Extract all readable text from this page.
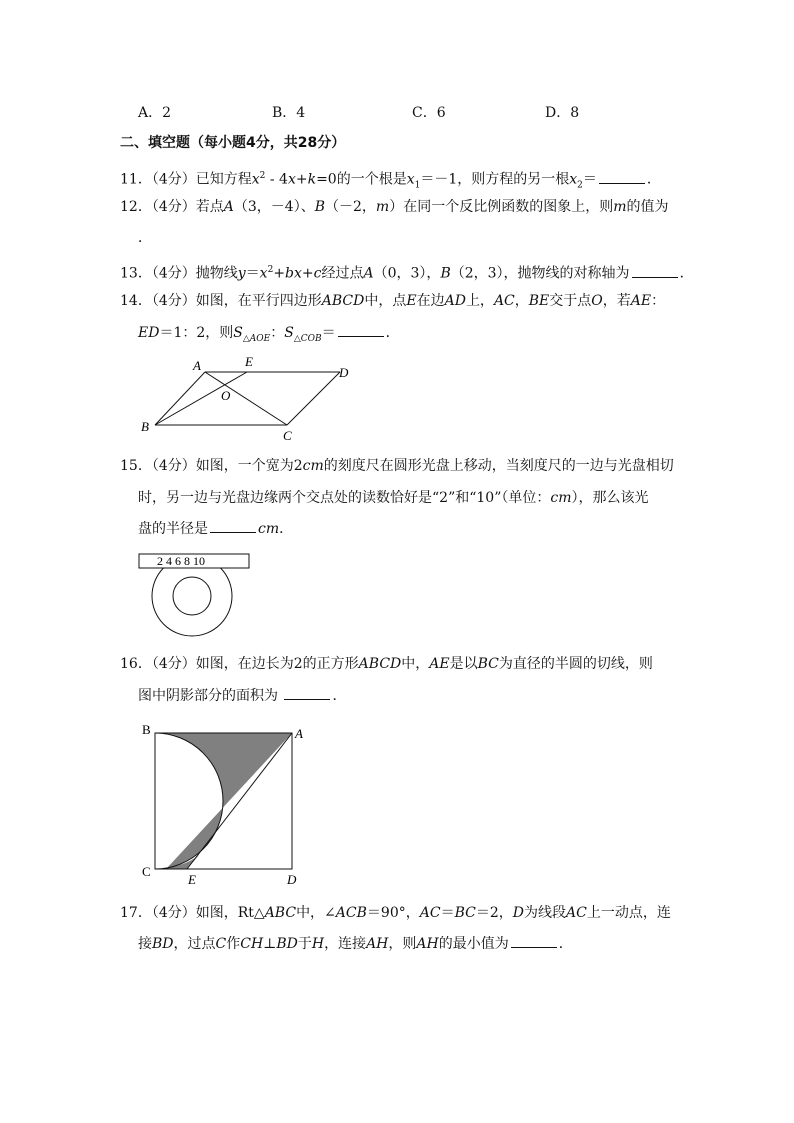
A．2	B．4	C．6	D．8
二、填空题（每小题4分，共28分）
11．（4分）已知方程$x^2 - 4x+k=0$的一个根是$x_1=-1$，则方程的另一根$x_2=$	．
12．（4分）若点A（3，－4）、B（－2，m）在同一个反比例函数的图象上，则m的值为
．
13．（4分）抛物线$y=x^2+bx+c$经过点A（0，3），B（2，3），抛物线的对称轴为	．
14．（4分）如图，在平行四边形ABCD中，点E在边AD上，AC，BE交于点O，若AE：
ED＝1：2，则$S_{\triangle AOE}$：$S_{\triangle COB}=$	．
A	E
D
O
B
C
15．（4分）如图，一个宽为2cm的刻度尺在圆形光盘上移动，当刻度尺的一边与光盘相切
时，另一边与光盘边缘两个交点处的读数恰好是“2”和“10”（单位：cm），那么该光
盘的半径是	cm．
2 4 6 8 10
16．（4分）如图，在边长为2的正方形ABCD中，AE是以BC为直径的半圆的切线，则
图中阴影部分的面积为	．
B	A
C
E	D
17．（4分）如图，Rt△ABC中，∠ACB＝90°，AC＝BC＝2，D为线段AC上一动点，连
接BD，过点C作CH⊥BD于H，连接AH，则AH的最小值为	．
